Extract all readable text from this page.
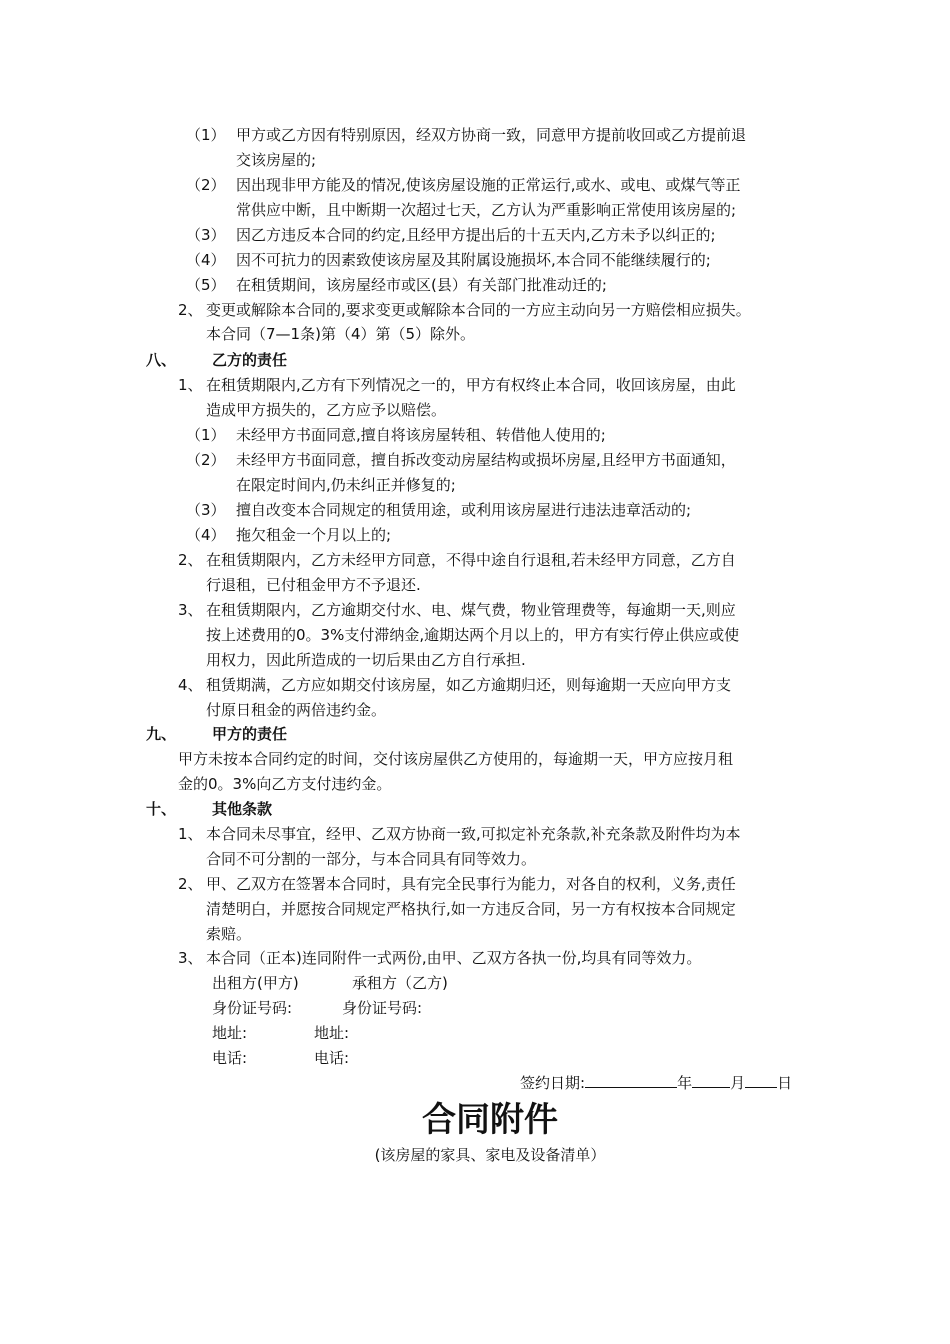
（1） 甲方或乙方因有特别原因，经双方协商一致，同意甲方提前收回或乙方提前退
交该房屋的;
（2） 因出现非甲方能及的情况,使该房屋设施的正常运行,或水、或电、或煤气等正
常供应中断，且中断期一次超过七天，乙方认为严重影响正常使用该房屋的;
（3） 因乙方违反本合同的约定,且经甲方提出后的十五天内,乙方未予以纠正的;
（4） 因不可抗力的因素致使该房屋及其附属设施损坏,本合同不能继续履行的;
（5） 在租赁期间，该房屋经市或区(县）有关部门批准动迁的;
2、 变更或解除本合同的,要求变更或解除本合同的一方应主动向另一方赔偿相应损失。
本合同（7—1条)第（4）第（5）除外。
八、 乙方的责任
1、 在租赁期限内,乙方有下列情况之一的，甲方有权终止本合同，收回该房屋，由此
造成甲方损失的，乙方应予以赔偿。
（1） 未经甲方书面同意,擅自将该房屋转租、转借他人使用的;
（2） 未经甲方书面同意，擅自拆改变动房屋结构或损坏房屋,且经甲方书面通知，
在限定时间内,仍未纠正并修复的;
（3） 擅自改变本合同规定的租赁用途，或利用该房屋进行违法违章活动的;
（4） 拖欠租金一个月以上的;
2、 在租赁期限内，乙方未经甲方同意，不得中途自行退租,若未经甲方同意，乙方自
行退租，已付租金甲方不予退还.
3、 在租赁期限内，乙方逾期交付水、电、煤气费，物业管理费等，每逾期一天,则应
按上述费用的0。3%支付滞纳金,逾期达两个月以上的，甲方有实行停止供应或使
用权力，因此所造成的一切后果由乙方自行承担.
4、 租赁期满，乙方应如期交付该房屋，如乙方逾期归还，则每逾期一天应向甲方支
付原日租金的两倍违约金。
九、 甲方的责任
甲方未按本合同约定的时间，交付该房屋供乙方使用的，每逾期一天，甲方应按月租
金的0。3%向乙方支付违约金。
十、 其他条款
1、 本合同未尽事宜，经甲、乙双方协商一致,可拟定补充条款,补充条款及附件均为本
合同不可分割的一部分，与本合同具有同等效力。
2、 甲、乙双方在签署本合同时，具有完全民事行为能力，对各自的权利，义务,责任
清楚明白，并愿按合同规定严格执行,如一方违反合同，另一方有权按本合同规定
索赔。
3、 本合同（正本)连同附件一式两份,由甲、乙双方各执一份,均具有同等效力。
出租方(甲方)	承租方（乙方)
身份证号码:	身份证号码:
地址:	地址:
电话:	电话:
签约日期:	年	月 日
合同附件
(该房屋的家具、家电及设备清单）
